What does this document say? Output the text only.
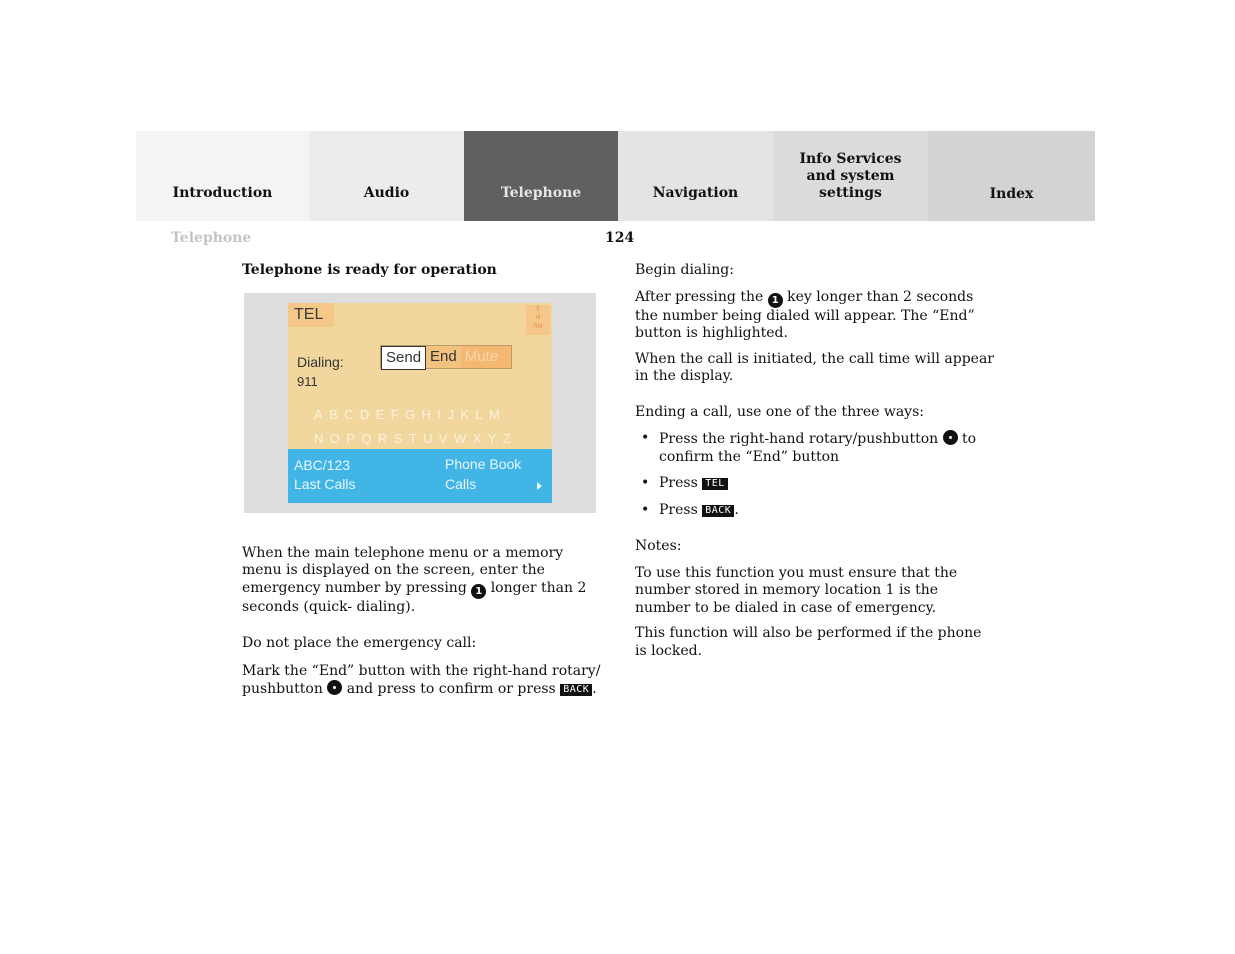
Introduction	Audio	Telephone	Navigation
Info Services and system settings	Index
Telephone	124

Telephone is ready for operation

When the main telephone menu or a memory menu is displayed on the screen, enter the emergency number by pressing 1 longer than 2 seconds (quick- dialing).

Do not place the emergency call:

Mark the “End” button with the right-hand rotary/ pushbutton  and press to confirm or press BACK .

TEL	5
ıll
RM
Dialing:
911
Send End Mute
ABCDEFGHIJKLM
NOPQRSTUVWXYZ
ABC/123
Last Calls
Phone Book
Calls

Begin dialing:

After pressing the 1 key longer than 2 seconds the number being dialed will appear. The “End” button is highlighted.

When the call is initiated, the call time will appear in the display.

Ending a call, use one of the three ways:

• Press the right-hand rotary/pushbutton  to confirm the “End” button
• Press TEL
• Press BACK .

Notes:

To use this function you must ensure that the number stored in memory location 1 is the number to be dialed in case of emergency.

This function will also be performed if the phone is locked.
